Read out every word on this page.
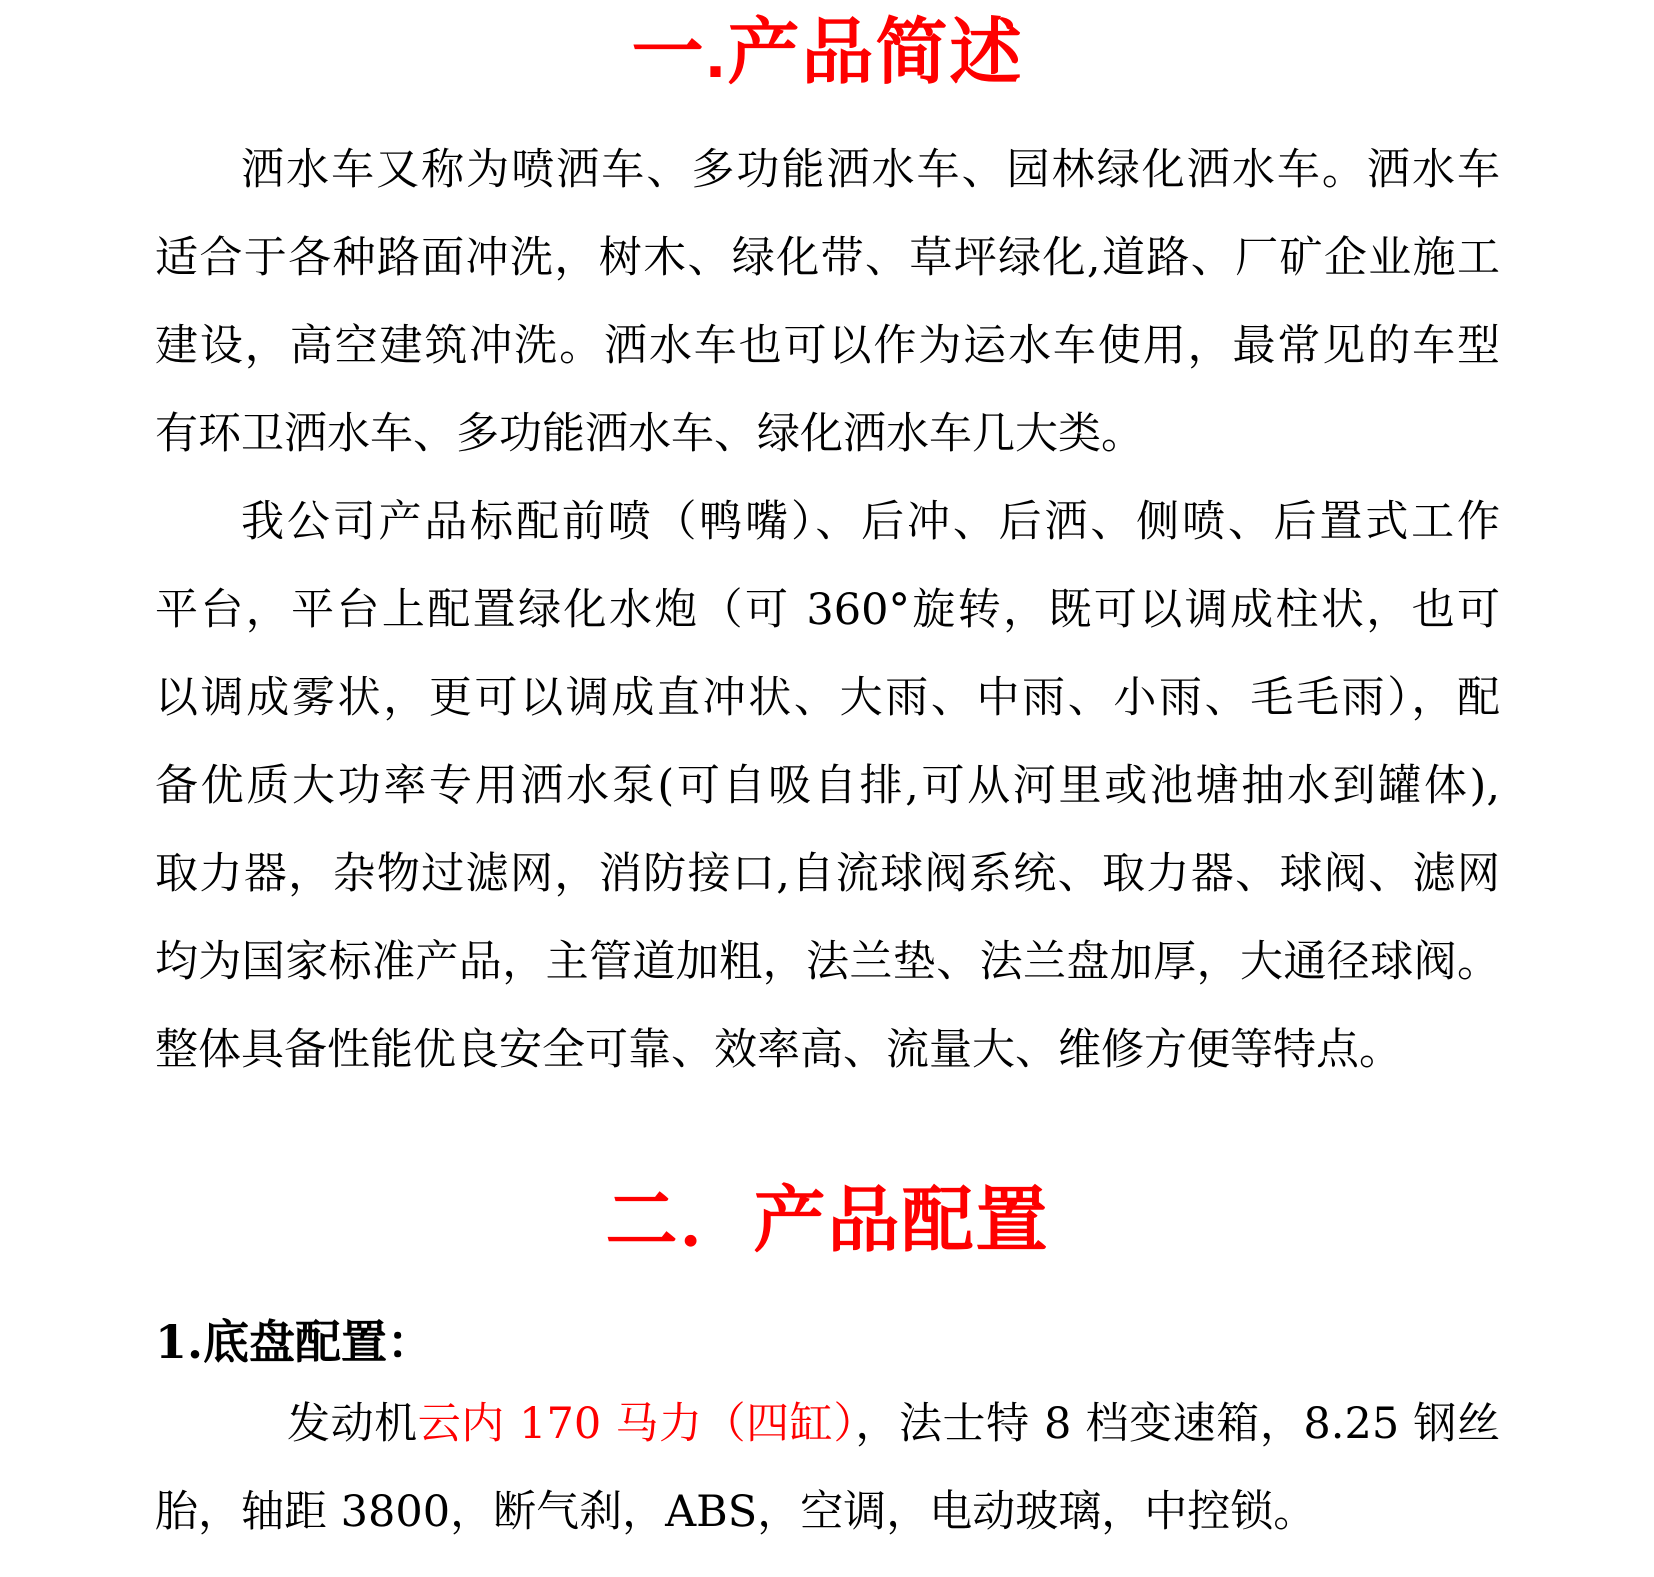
一.产品简述
洒水车又称为喷洒车、多功能洒水车、园林绿化洒水车。洒水车
适合于各种路面冲洗，树木、绿化带、草坪绿化,道路、厂矿企业施工
建设，高空建筑冲洗。洒水车也可以作为运水车使用，最常见的车型
有环卫洒水车、多功能洒水车、绿化洒水车几大类。
我公司产品标配前喷（鸭嘴）、后冲、后洒、侧喷、后置式工作
平台，平台上配置绿化水炮（可 360°旋转，既可以调成柱状，也可
以调成雾状，更可以调成直冲状、大雨、中雨、小雨、毛毛雨），配
备优质大功率专用洒水泵(可自吸自排,可从河里或池塘抽水到罐体),
取力器，杂物过滤网，消防接口,自流球阀系统、取力器、球阀、滤网
均为国家标准产品，主管道加粗，法兰垫、法兰盘加厚，大通径球阀。
整体具备性能优良安全可靠、效率高、流量大、维修方便等特点。
二．产品配置
1.底盘配置：
发动机云内 170 马力（四缸），法士特 8 档变速箱，8.25 钢丝
胎，轴距 3800，断气刹，ABS，空调，电动玻璃，中控锁。
